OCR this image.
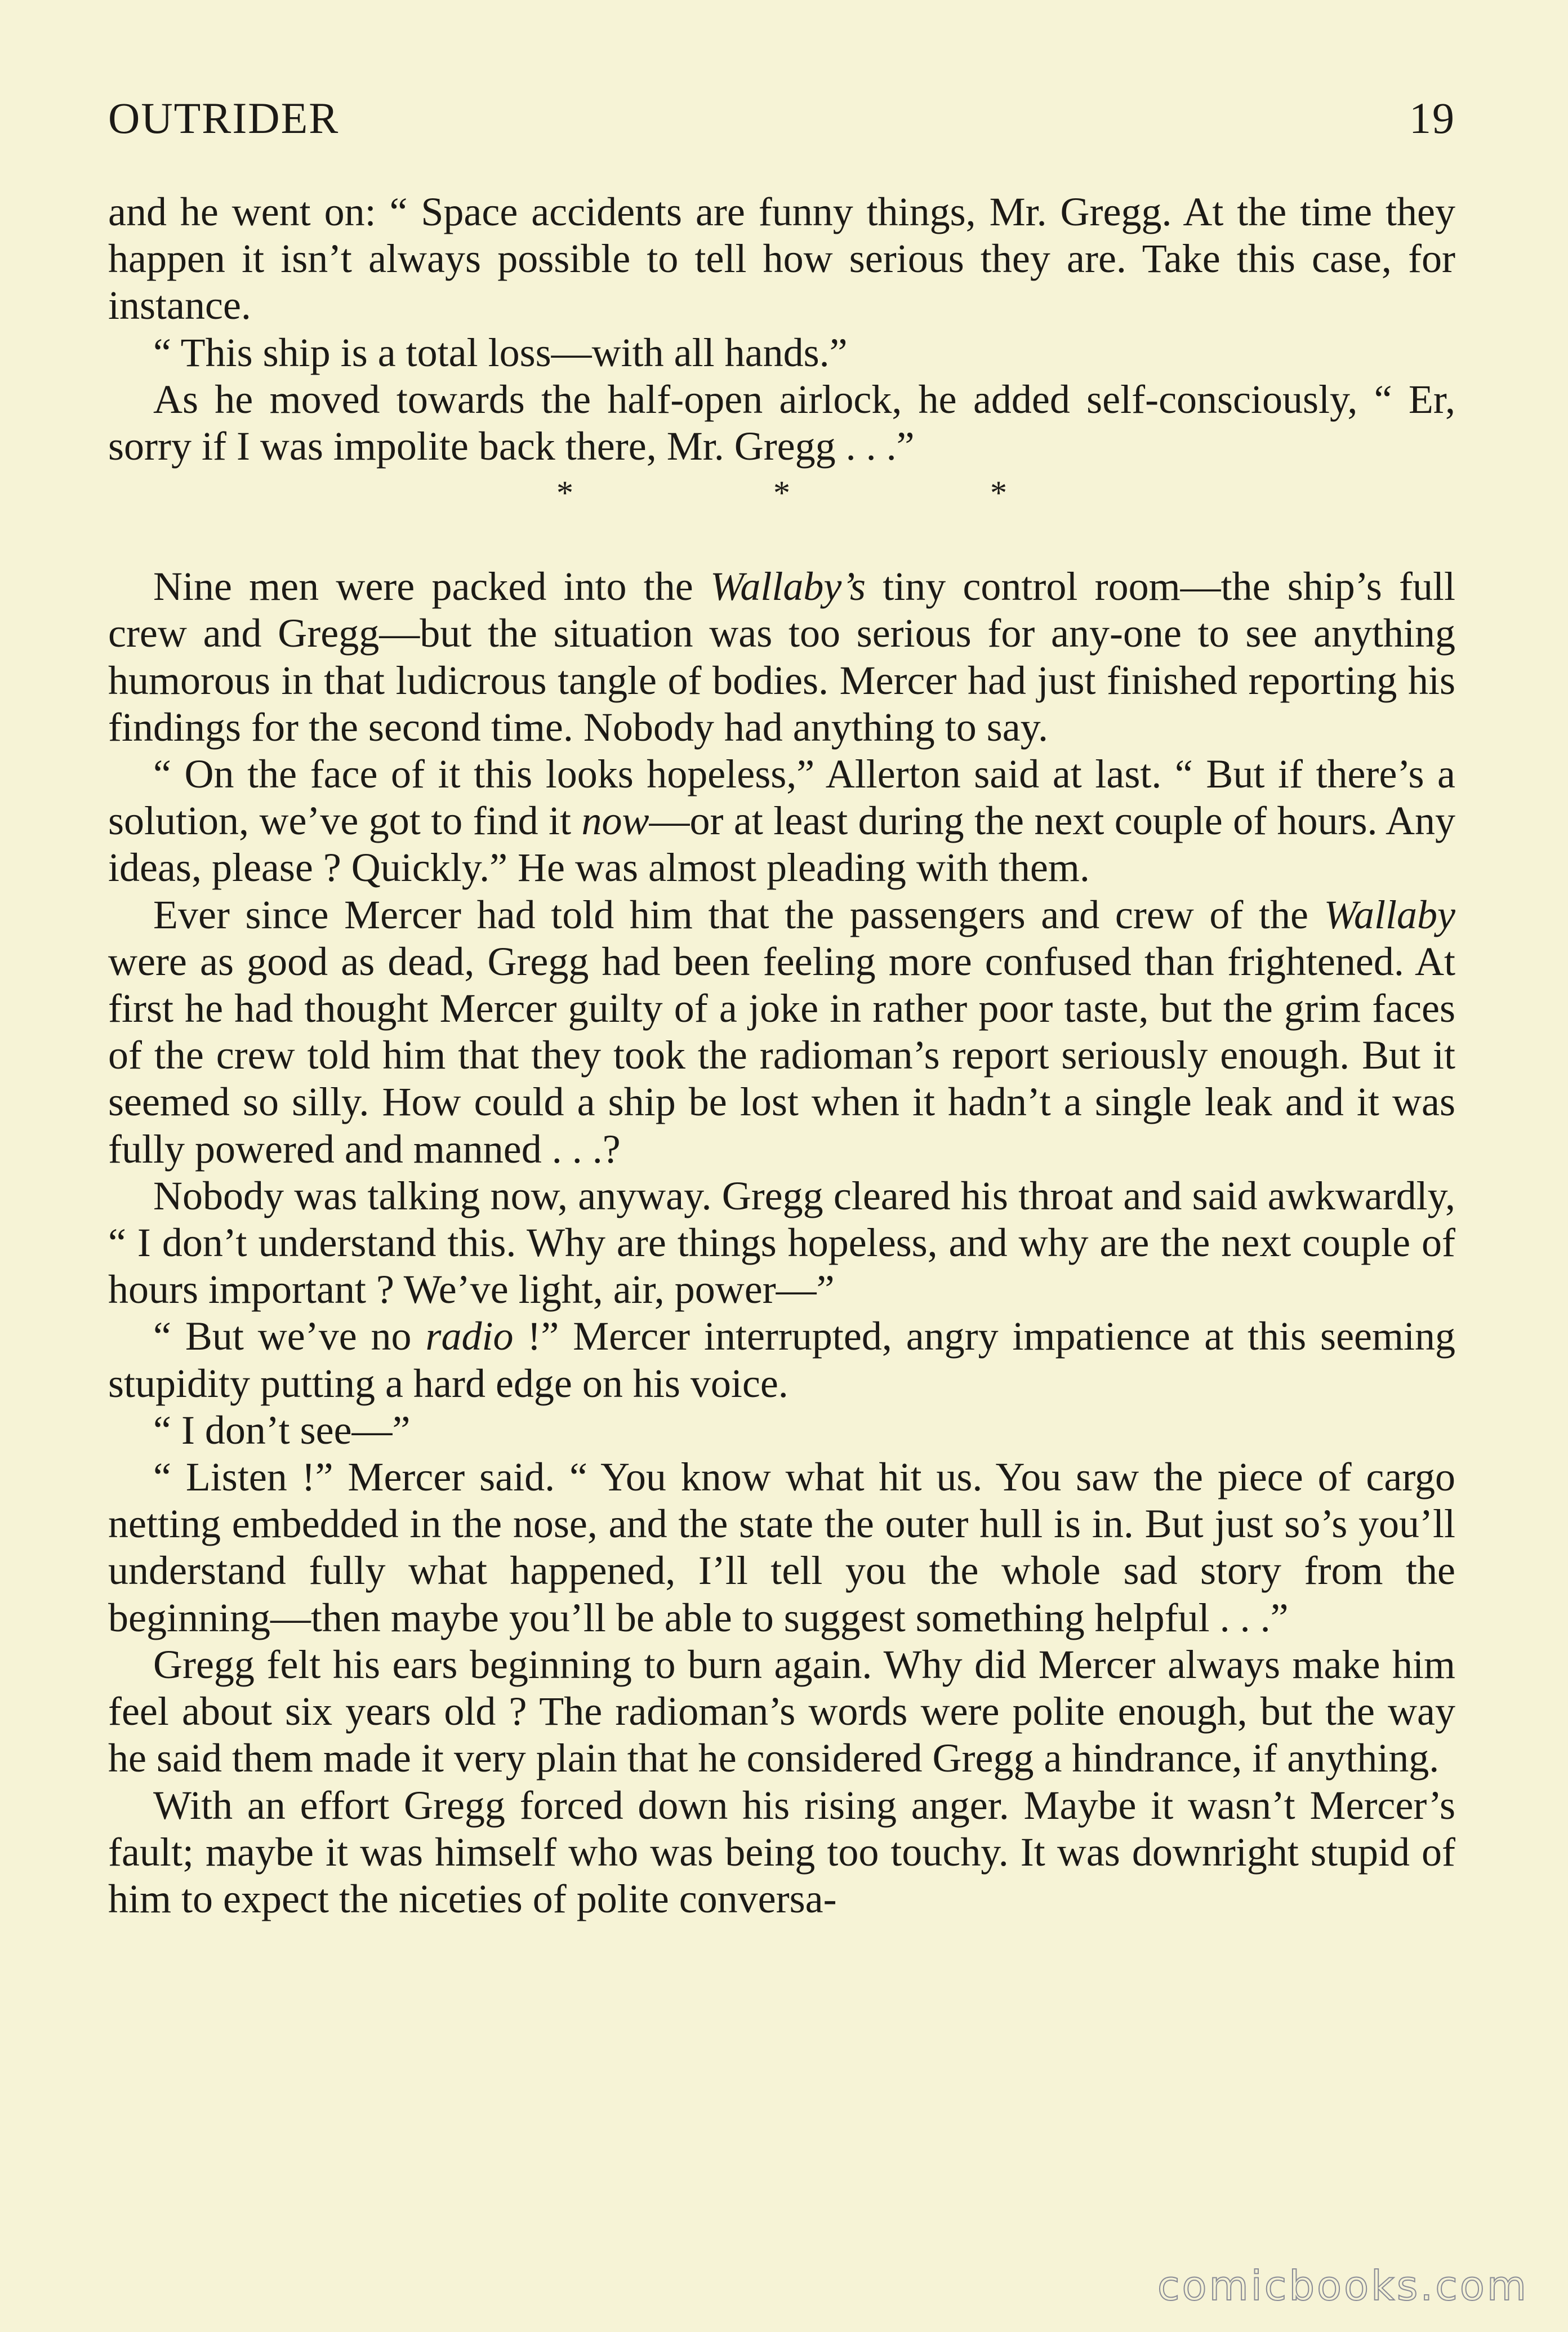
OUTRIDER	19

and he went on: “ Space accidents are funny things, Mr. Gregg. At the time they happen it isn’t always possible to tell how serious they are. Take this case, for instance.

“ This ship is a total loss—with all hands.”

As he moved towards the half-open airlock, he added self-consciously, “ Er, sorry if I was impolite back there, Mr. Gregg . . .”

* * *

Nine men were packed into the Wallaby’s tiny control room—the ship’s full crew and Gregg—but the situation was too serious for any-one to see anything humorous in that ludicrous tangle of bodies. Mercer had just finished reporting his findings for the second time. Nobody had anything to say.

“ On the face of it this looks hopeless,” Allerton said at last. “ But if there’s a solution, we’ve got to find it now—or at least during the next couple of hours. Any ideas, please ? Quickly.” He was almost pleading with them.

Ever since Mercer had told him that the passengers and crew of the Wallaby were as good as dead, Gregg had been feeling more confused than frightened. At first he had thought Mercer guilty of a joke in rather poor taste, but the grim faces of the crew told him that they took the radioman’s report seriously enough. But it seemed so silly. How could a ship be lost when it hadn’t a single leak and it was fully powered and manned . . .?

Nobody was talking now, anyway. Gregg cleared his throat and said awkwardly, “ I don’t understand this. Why are things hopeless, and why are the next couple of hours important ? We’ve light, air, power—”

“ But we’ve no radio !” Mercer interrupted, angry impatience at this seeming stupidity putting a hard edge on his voice.

“ I don’t see—”

“ Listen !” Mercer said. “ You know what hit us. You saw the piece of cargo netting embedded in the nose, and the state the outer hull is in. But just so’s you’ll understand fully what happened, I’ll tell you the whole sad story from the beginning—then maybe you’ll be able to suggest something helpful . . .”

Gregg felt his ears beginning to burn again. Why did Mercer always make him feel about six years old ? The radioman’s words were polite enough, but the way he said them made it very plain that he considered Gregg a hindrance, if anything.

With an effort Gregg forced down his rising anger. Maybe it wasn’t Mercer’s fault; maybe it was himself who was being too touchy. It was downright stupid of him to expect the niceties of polite conversa-

comicbooks.com
